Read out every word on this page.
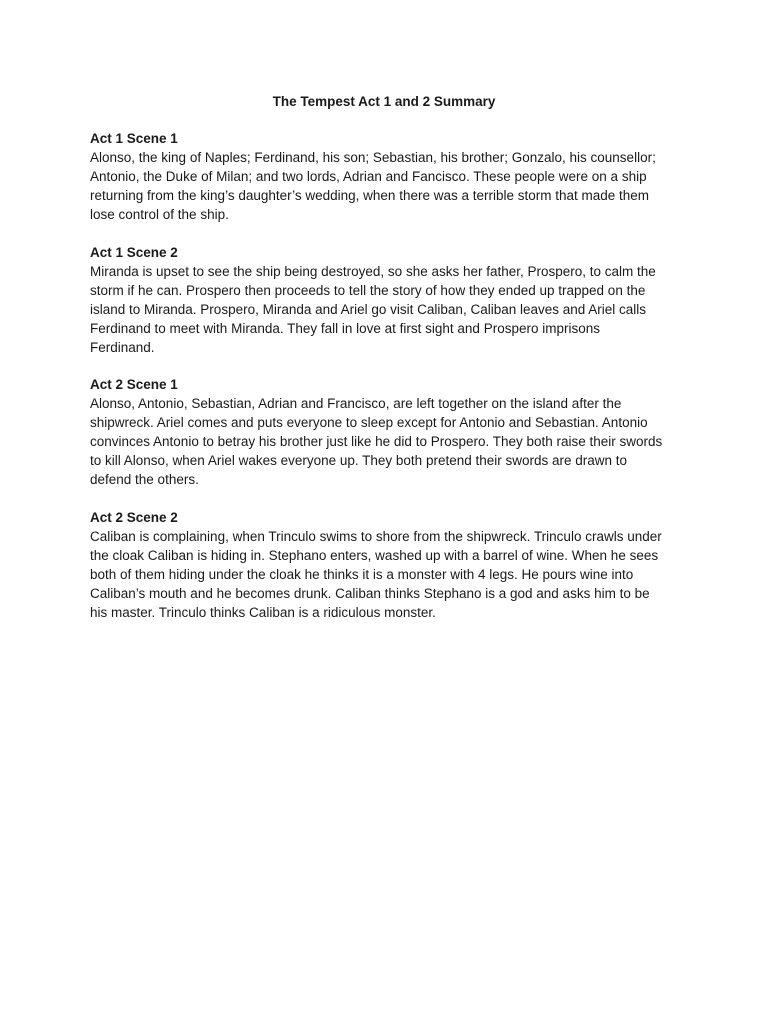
The Tempest Act 1 and 2 Summary

Act 1 Scene 1

Alonso, the king of Naples; Ferdinand, his son; Sebastian, his brother; Gonzalo, his counsellor;
Antonio, the Duke of Milan; and two lords, Adrian and Fancisco. These people were on a ship
returning from the king’s daughter’s wedding, when there was a terrible storm that made them
lose control of the ship.

Act 1 Scene 2

Miranda is upset to see the ship being destroyed, so she asks her father, Prospero, to calm the
storm if he can. Prospero then proceeds to tell the story of how they ended up trapped on the
island to Miranda. Prospero, Miranda and Ariel go visit Caliban, Caliban leaves and Ariel calls
Ferdinand to meet with Miranda. They fall in love at first sight and Prospero imprisons
Ferdinand.

Act 2 Scene 1

Alonso, Antonio, Sebastian, Adrian and Francisco, are left together on the island after the
shipwreck. Ariel comes and puts everyone to sleep except for Antonio and Sebastian. Antonio
convinces Antonio to betray his brother just like he did to Prospero. They both raise their swords
to kill Alonso, when Ariel wakes everyone up. They both pretend their swords are drawn to
defend the others.

Act 2 Scene 2

Caliban is complaining, when Trinculo swims to shore from the shipwreck. Trinculo crawls under
the cloak Caliban is hiding in. Stephano enters, washed up with a barrel of wine. When he sees
both of them hiding under the cloak he thinks it is a monster with 4 legs. He pours wine into
Caliban’s mouth and he becomes drunk. Caliban thinks Stephano is a god and asks him to be
his master. Trinculo thinks Caliban is a ridiculous monster.
